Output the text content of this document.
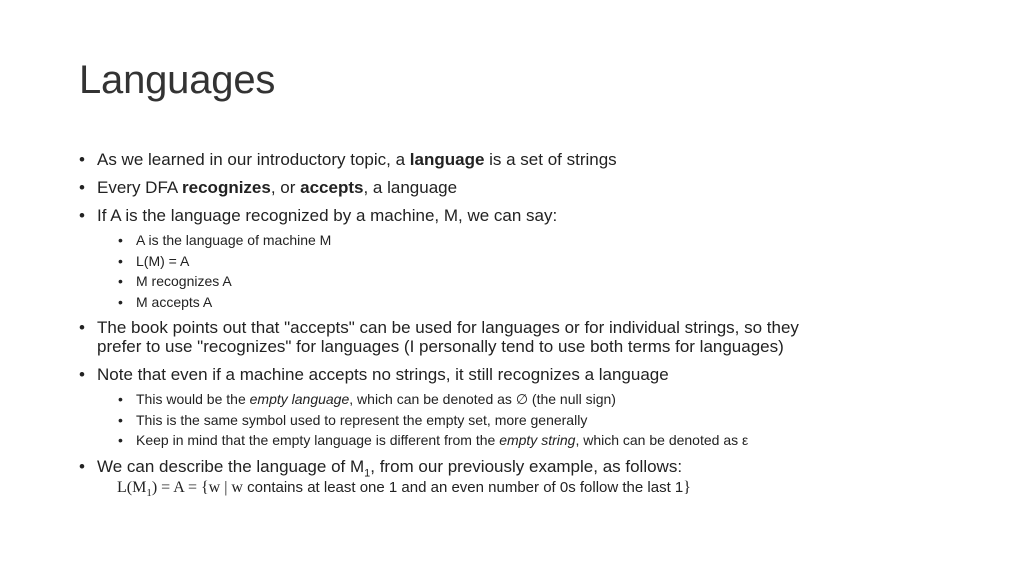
Languages
• As we learned in our introductory topic, a language is a set of strings
• Every DFA recognizes, or accepts, a language
• If A is the language recognized by a machine, M, we can say:
• A is the language of machine M
• L(M) = A
• M recognizes A
• M accepts A
• The book points out that "accepts" can be used for languages or for individual strings, so they
prefer to use "recognizes" for languages (I personally tend to use both terms for languages)
• Note that even if a machine accepts no strings, it still recognizes a language
• This would be the empty language, which can be denoted as ∅ (the null sign)
• This is the same symbol used to represent the empty set, more generally
• Keep in mind that the empty language is different from the empty string, which can be denoted as ε
• We can describe the language of $M_1$, from our previously example, as follows:
$L(M_1) = A = \{w$ | w contains at least one 1 and an even number of 0s follow the last 1}
